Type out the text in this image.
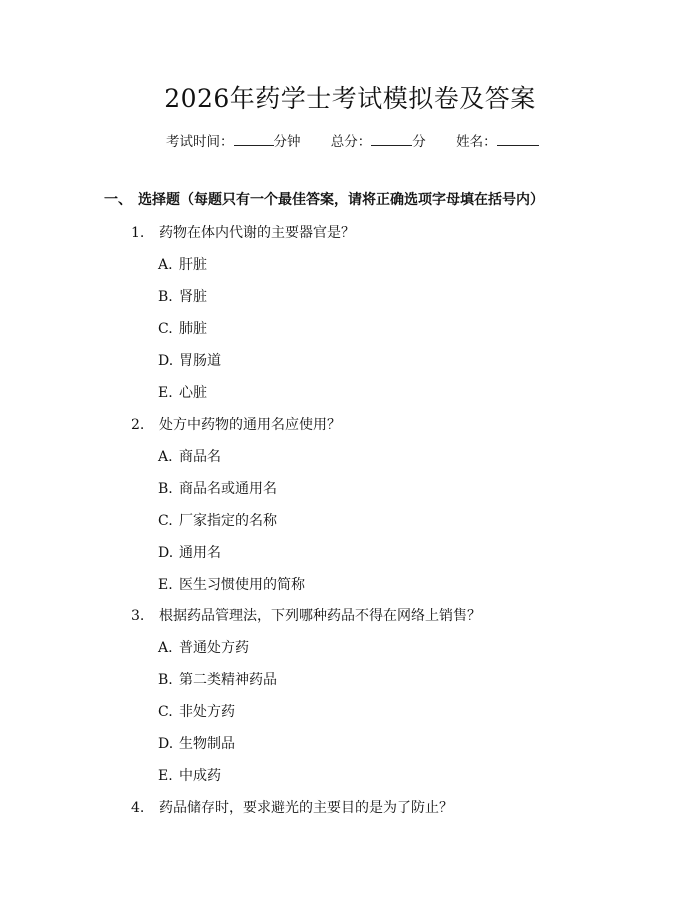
2026年药学士考试模拟卷及答案
考试时间：	分钟 总分：	分 姓名：
一、 选择题（每题只有一个最佳答案，请将正确选项字母填在括号内）
1. 药物在体内代谢的主要器官是？
A. 肝脏
B. 肾脏
C. 肺脏
D. 胃肠道
E. 心脏
2. 处方中药物的通用名应使用？
A. 商品名
B. 商品名或通用名
C. 厂家指定的名称
D. 通用名
E. 医生习惯使用的简称
3. 根据药品管理法，下列哪种药品不得在网络上销售？
A. 普通处方药
B. 第二类精神药品
C. 非处方药
D. 生物制品
E. 中成药
4. 药品储存时，要求避光的主要目的是为了防止？
